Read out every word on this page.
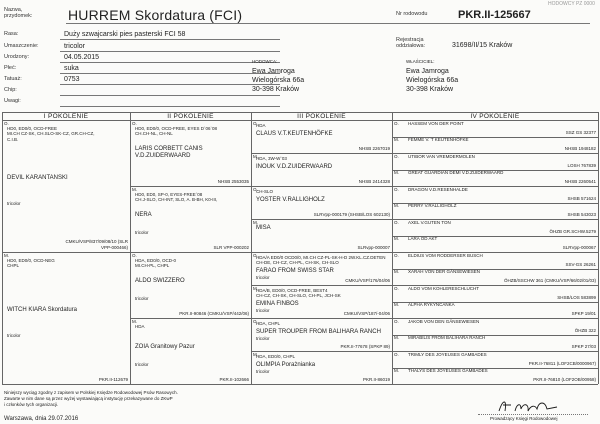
Nazwa,
przydomek:	HURREM Skordatura (FCI)	Nr rodowodu	PKR.II-125667
HODOWCY PZ 0000
Rasa:	Duży szwajcarski pies pasterski FCI 58
Umaszczenie:	tricolor
Urodzony:	04.05.2015
Płeć:	suka
Tatuaż:	0753
Chip:
Uwagi:
Rejestracja
oddziałowa:	31698/II/15 Kraków
HODOWCA:
Ewa Jamroga
Wielogórska 66a
30-398 Kraków
WŁAŚCICIEL:
Ewa Jamroga
Wielogórska 66a
30-398 Kraków
I POKOLENIE	II POKOLENIE	III POKOLENIE	IV POKOLENIE
O.
HD0, ED0/0, OCD-FREE
MI.CH CZ-SK, CH.SLO-SK-CZ, GR.CH-CZ,
C.I.B.
DEVIL KARANTANSKI
tricolor
CMKU/VSP/837/09/08/10 (SLR
VPP-000466)
M.
HD0, ED0/0, OCD-NEG
CHPL
WITCH KIARA Skordatura
tricolor
PKR.II-112679
O.
HD0, ED0/0, OCD-FREE, EYES D`06`08
CH.CH-NL, CH-NL
LARIS CORBETT CANIS
V.D.ZUIDERWAARD
NHSB 2553035
M.
HD0, ED0, SP-0, EYES-FREE`08
CH.J-SLO, CH-INT, SLO, A. B-BH, K0-III,
NERA
tricolor
SLR VPP-000202
O.
HDA, ED0/0, OCD-0
MI.CH-PL, CHPL
ALDO SWIZZERO
tricolor
PKR.II-90846 (CMKU/VSP/442/06)
M.
HDA
ZOIA Granitowy Pazur
tricolor
PKR.II-102666
O.
HDA
CLAUS V.T.KEUTENHÖFKE
NHSB 2267019
M.
HDA, 3W-W`03
INOUK V.D.ZUIDERWAARD
NHSB 2414328
O.
CH-SLO
YOSTER V.RALLIGHOLZ
SLRVpp-000179 (SHSB/LOS 602130)
M.
MISA
SLRvpp-000007
O.
HDA/A ED0/0 OCD0/0, MI.CH CZ-PL-SK-H-D 2W.KL.CZ.DETEN
CH-DE, CH-CZ, CH-PL, CH-SK, CH-SLO
FARAO FROM SWISS STAR
tricolor	CMKU/VSP/176/04/06
M.
HDA/B, ED0/0, OCD-FREE, BEST4
CH-CZ, CH-SK, CH-SLO, CH-PL, JCH-SK
EMINA FINBOS
tricolor	CMKU/VSP/187/-04/06
O.
HDA, CHPL
SUPER TROUPER FROM BALIHARA RANCH
tricolor
PKR.II-77678 (SPKP 89)
M.
HDA, ED0/0, CHPL
OLIMPIA Porażnianka
tricolor
PKR.II-86019
O. HASSEM VON DER POINT
SSZ GS 32377
M. FEMME V.`T KEUTENHÖFKE
NHSB 1948182
O. UTIBOR VAN VREMDERMOLEN
LOSH 767839
M. GREAT GUARDIAN DEMI V.D.ZUIDERWAARD
NHSB 2260541
O. DRAGON V.D.RESENHALDE
SHSB 571624
M. PERRY V.RALLIGHOLZ
SHSB 543023
O. AXEL V.GUTEN TON
ÖHZB GR.SCHW.5279
M. LARA OD AKT
SLRVpp-000067
O. ELDIUS VOM RODDERSER BUSCH
SSV-GS 26261
M. XARAH VON DER GÄNSEWIESEN
ÖHZB/SSCHW 361 (CMKU/VSP/66/02/01/03)
O. ALDO VOM KOHLERESCHLUCHT
SHSB/LOS 583899
M. ALPHA RYKYNCANKA
SPKP 19/01
O. JAKOB VON DEN GÄNSEWIESEN
ÖHZB 322
M. MIRABILIS FROM BALIHARA RANCH
SPKP 27/03
O. TRIMLY DES JOYEUSES GAMBADES
PKR.II-76811 (LOF2CB/0000967)
M. THALYS DES JOYEUSES GAMBADES
PKR.II-76810 (LOF2OB/00958)
Niniejszy wyciąg zgodny z zapisem w Polskiej Księdze Rodowodowej Psów Rasowych.
Zawarte w nim dane są przez wyżej wystawiającą instytucję przekazywane do ZKwP
i członków tych organizacji.
Warszawa, dnia 29.07.2016	Prowadzący Księgi Rodowodowej
